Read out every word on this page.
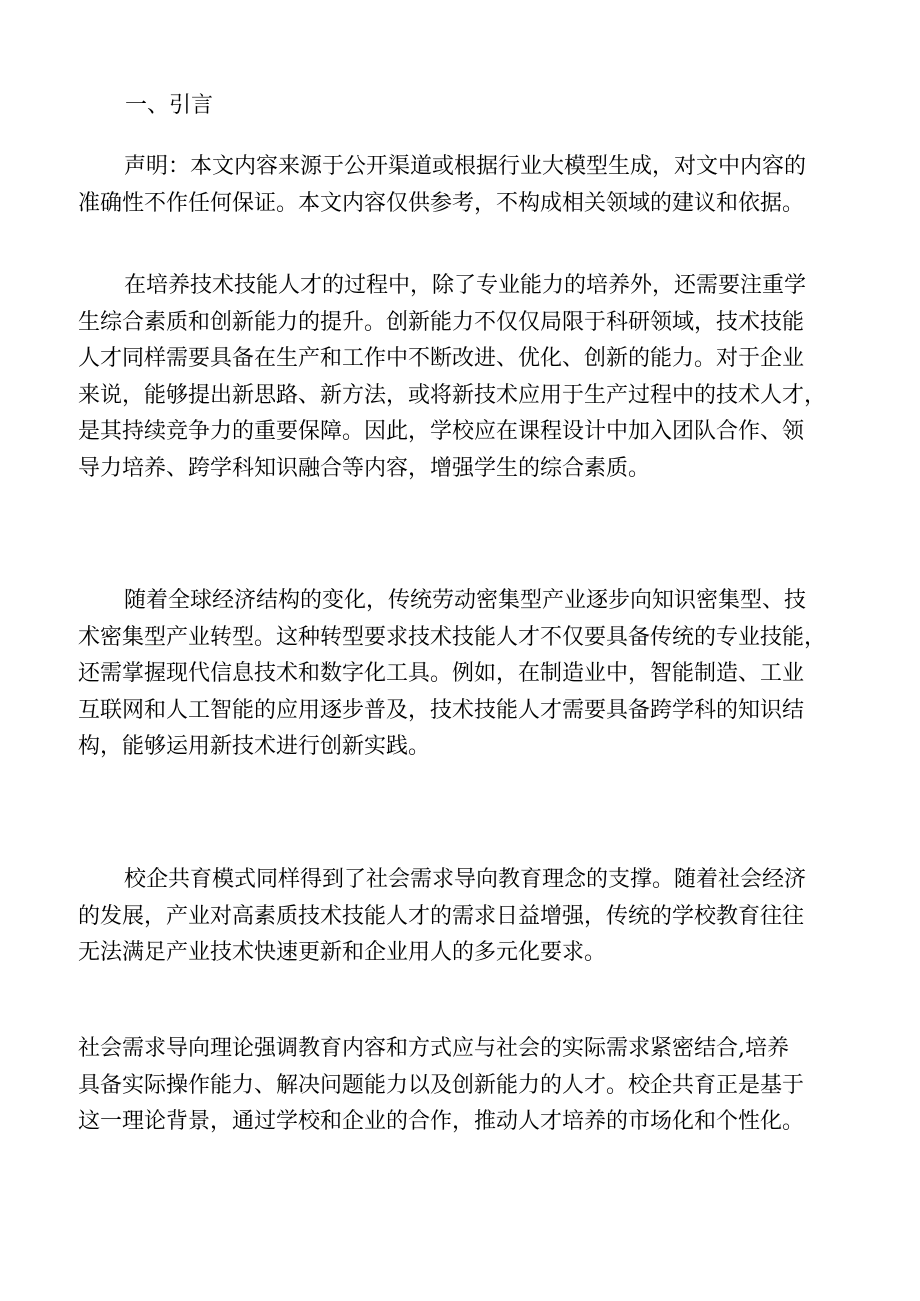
一、引言

声明：本文内容来源于公开渠道或根据行业大模型生成，对文中内容的
准确性不作任何保证。本文内容仅供参考，不构成相关领域的建议和依据。

在培养技术技能人才的过程中，除了专业能力的培养外，还需要注重学
生综合素质和创新能力的提升。创新能力不仅仅局限于科研领域，技术技能
人才同样需要具备在生产和工作中不断改进、优化、创新的能力。对于企业
来说，能够提出新思路、新方法，或将新技术应用于生产过程中的技术人才，
是其持续竞争力的重要保障。因此，学校应在课程设计中加入团队合作、领
导力培养、跨学科知识融合等内容，增强学生的综合素质。

随着全球经济结构的变化，传统劳动密集型产业逐步向知识密集型、技
术密集型产业转型。这种转型要求技术技能人才不仅要具备传统的专业技能，
还需掌握现代信息技术和数字化工具。例如，在制造业中，智能制造、工业
互联网和人工智能的应用逐步普及，技术技能人才需要具备跨学科的知识结
构，能够运用新技术进行创新实践。

校企共育模式同样得到了社会需求导向教育理念的支撑。随着社会经济
的发展，产业对高素质技术技能人才的需求日益增强，传统的学校教育往往
无法满足产业技术快速更新和企业用人的多元化要求。

社会需求导向理论强调教育内容和方式应与社会的实际需求紧密结合,培养
具备实际操作能力、解决问题能力以及创新能力的人才。校企共育正是基于
这一理论背景，通过学校和企业的合作，推动人才培养的市场化和个性化。
